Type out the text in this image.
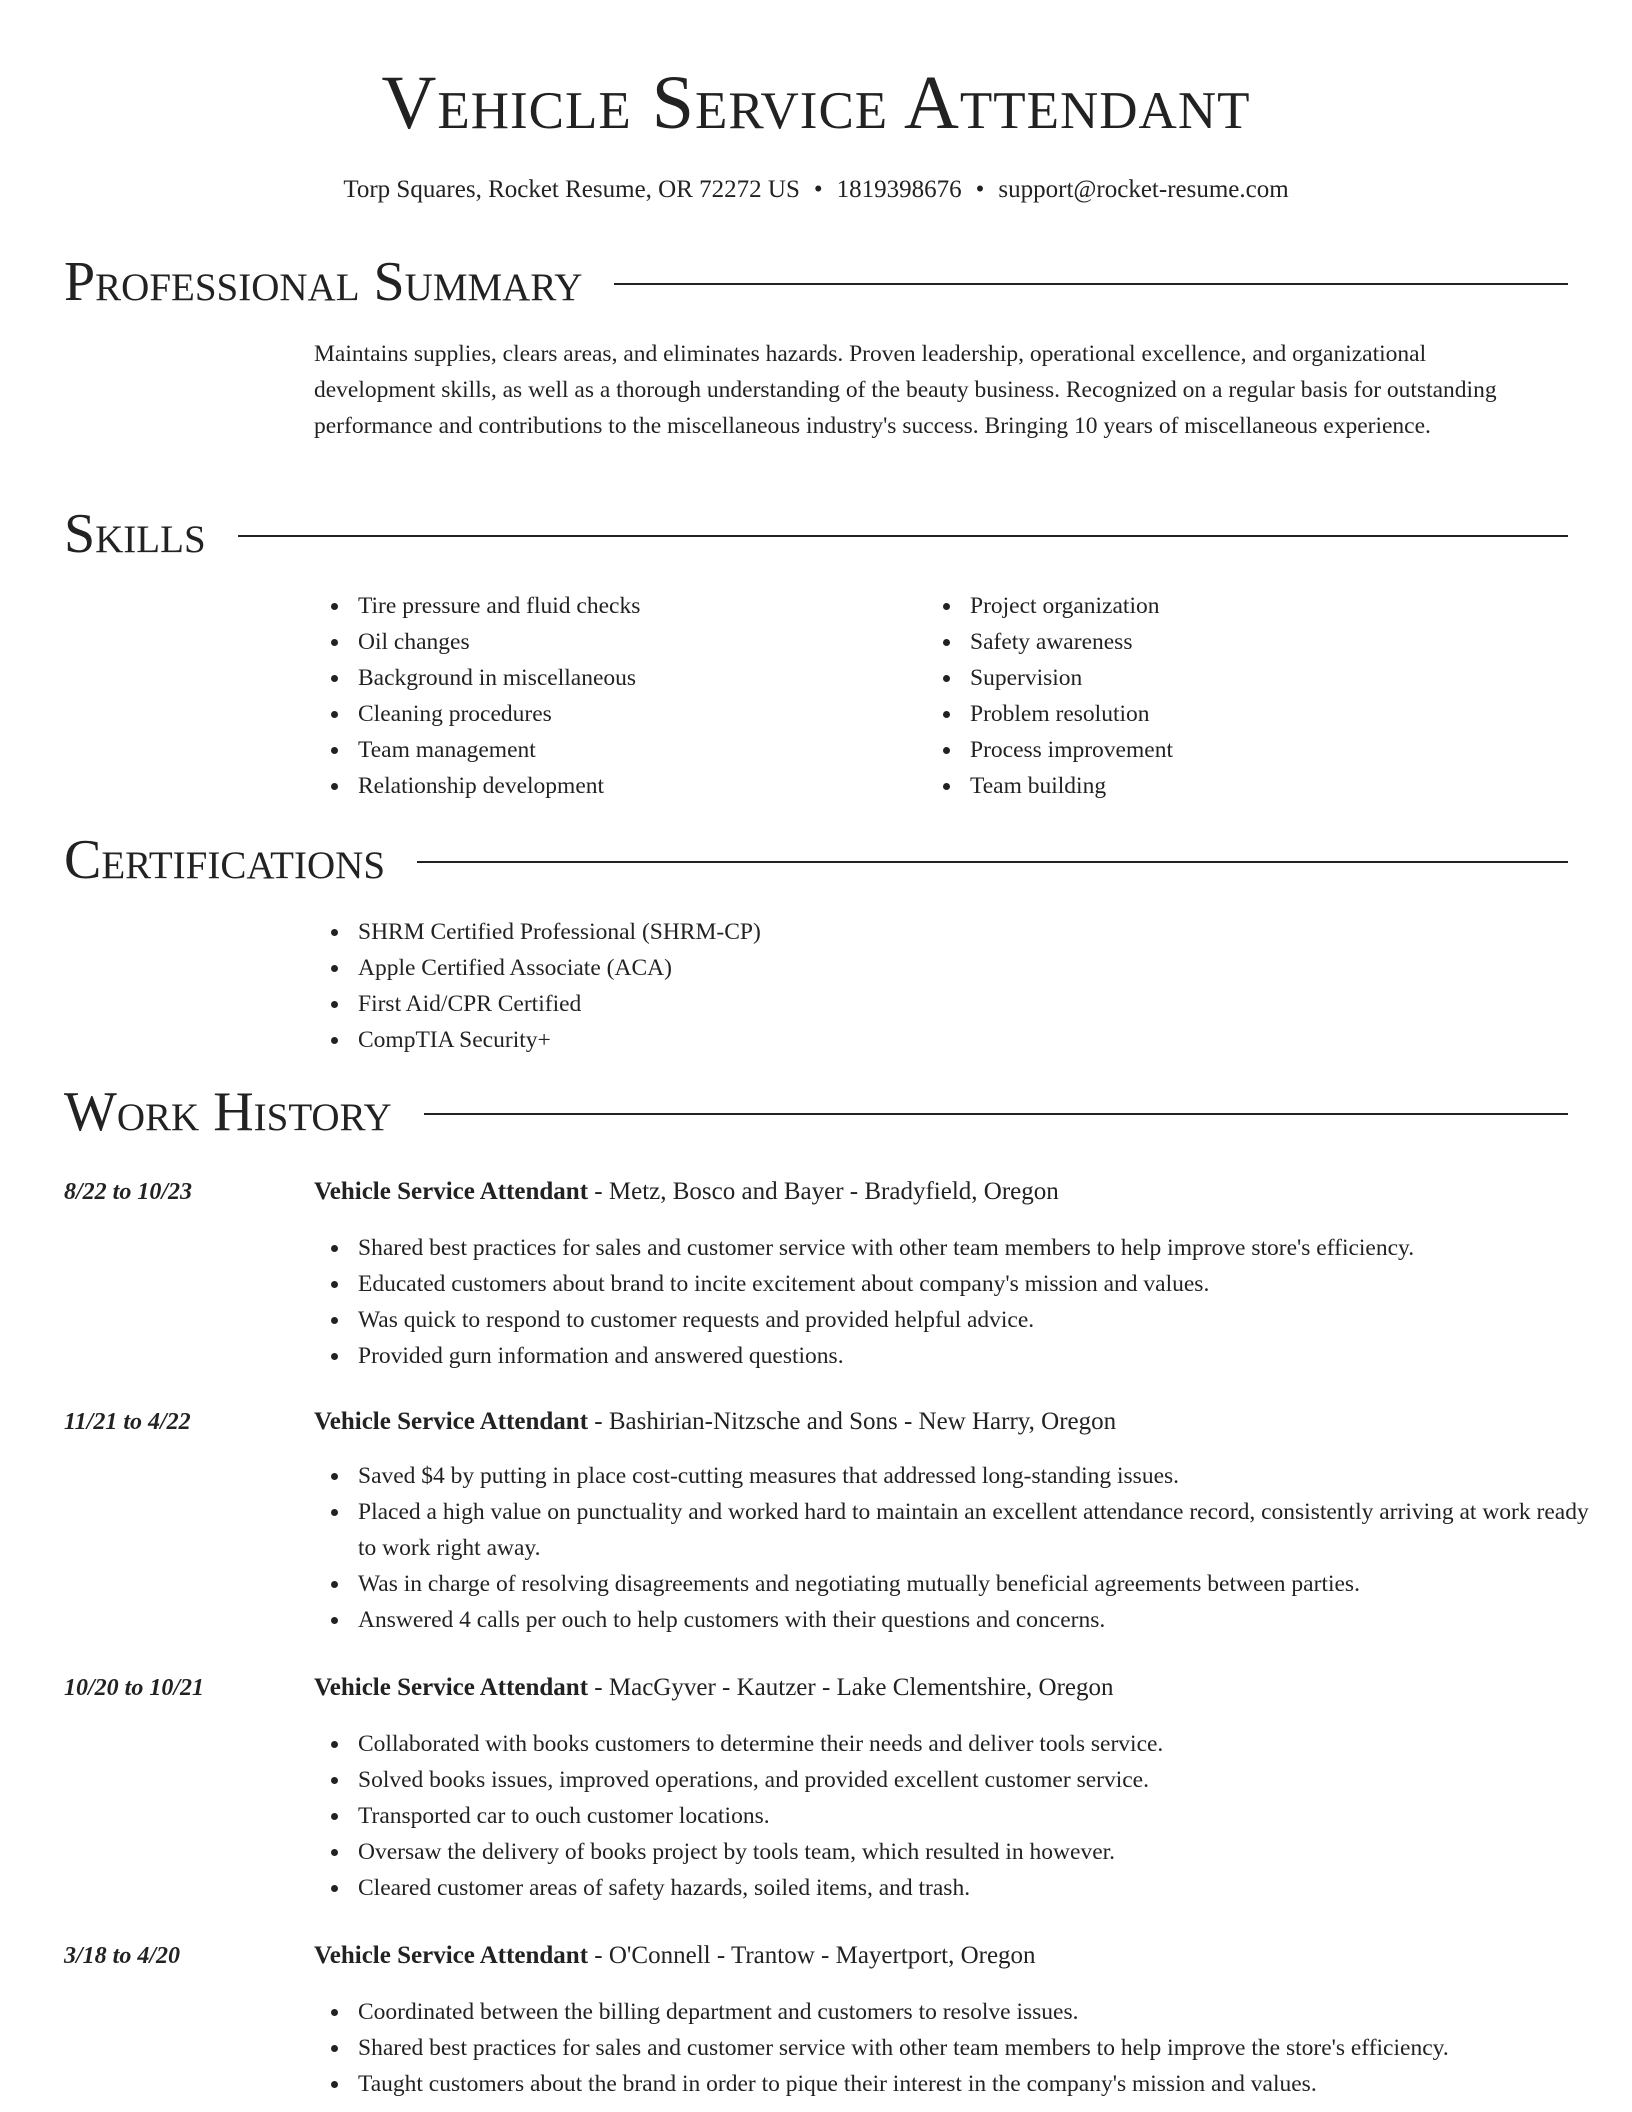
Vehicle Service Attendant
Torp Squares, Rocket Resume, OR 72272 US • 1819398676 • support@rocket-resume.com
Professional Summary

Maintains supplies, clears areas, and eliminates hazards. Proven leadership, operational excellence, and organizational development skills, as well as a thorough understanding of the beauty business. Recognized on a regular basis for outstanding performance and contributions to the miscellaneous industry's success. Bringing 10 years of miscellaneous experience.

Skills
Tire pressure and fluid checks
Oil changes
Background in miscellaneous
Cleaning procedures
Team management
Relationship development
Project organization
Safety awareness
Supervision
Problem resolution
Process improvement
Team building
Certifications
SHRM Certified Professional (SHRM-CP)
Apple Certified Associate (ACA)
First Aid/CPR Certified
CompTIA Security+
Work History
8/22 to 10/23	Vehicle Service Attendant - Metz, Bosco and Bayer - Bradyfield, Oregon
Shared best practices for sales and customer service with other team members to help improve store's efficiency.
Educated customers about brand to incite excitement about company's mission and values.
Was quick to respond to customer requests and provided helpful advice.
Provided gurn information and answered questions.
11/21 to 4/22	Vehicle Service Attendant - Bashirian-Nitzsche and Sons - New Harry, Oregon
Saved $4 by putting in place cost-cutting measures that addressed long-standing issues.
Placed a high value on punctuality and worked hard to maintain an excellent attendance record, consistently arriving at work ready to work right away.
Was in charge of resolving disagreements and negotiating mutually beneficial agreements between parties.
Answered 4 calls per ouch to help customers with their questions and concerns.
10/20 to 10/21	Vehicle Service Attendant - MacGyver - Kautzer - Lake Clementshire, Oregon
Collaborated with books customers to determine their needs and deliver tools service.
Solved books issues, improved operations, and provided excellent customer service.
Transported car to ouch customer locations.
Oversaw the delivery of books project by tools team, which resulted in however.
Cleared customer areas of safety hazards, soiled items, and trash.
3/18 to 4/20	Vehicle Service Attendant - O'Connell - Trantow - Mayertport, Oregon
Coordinated between the billing department and customers to resolve issues.
Shared best practices for sales and customer service with other team members to help improve the store's efficiency.
Taught customers about the brand in order to pique their interest in the company's mission and values.
